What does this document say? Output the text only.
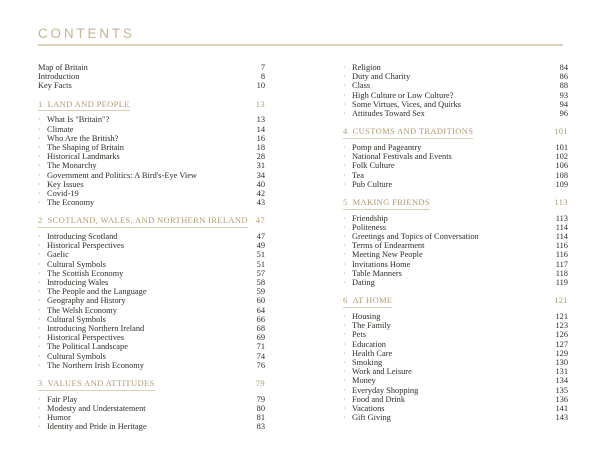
CONTENTS
Map of Britain	7
Introduction	8
Key Facts	10
1 LAND AND PEOPLE	13
· What Is "Britain"?	13
· Climate	14
· Who Are the British?	16
· The Shaping of Britain	18
· Historical Landmarks	28
· The Monarchy	31
· Government and Politics: A Bird's-Eye View	34
· Key Issues	40
· Covid-19	42
· The Economy	43
2 SCOTLAND, WALES, AND NORTHERN IRELAND 47
· Introducing Scotland	47
· Historical Perspectives	49
· Gaelic	51
· Cultural Symbols	51
· The Scottish Economy	57
· Introducing Wales	58
· The People and the Language	59
· Geography and History	60
· The Welsh Economy	64
· Cultural Symbols	66
· Introducing Northern Ireland	68
· Historical Perspectives	69
· The Political Landscape	71
· Cultural Symbols	74
· The Northern Irish Economy	76
3 VALUES AND ATTITUDES	79
· Fair Play	79
· Modesty and Understatement	80
· Humor	81
· Identity and Pride in Heritage	83
· Religion	84
· Duty and Charity	86
· Class	88
· High Culture or Low Culture?	93
· Some Virtues, Vices, and Quirks	94
· Attitudes Toward Sex	96
4 CUSTOMS AND TRADITIONS	101
· Pomp and Pageantry	101
· National Festivals and Events	102
· Folk Culture	106
· Tea	108
· Pub Culture	109
5 MAKING FRIENDS	113
· Friendship	113
· Politeness	114
· Greetings and Topics of Conversation	114
· Terms of Endearment	116
· Meeting New People	116
· Invitations Home	117
· Table Manners	118
· Dating	119
6 AT HOME	121
· Housing	121
· The Family	123
· Pets	126
· Education	127
· Health Care	129
· Smoking	130
· Work and Leisure	131
· Money	134
· Everyday Shopping	135
· Food and Drink	136
· Vacations	141
· Gift Giving	143
